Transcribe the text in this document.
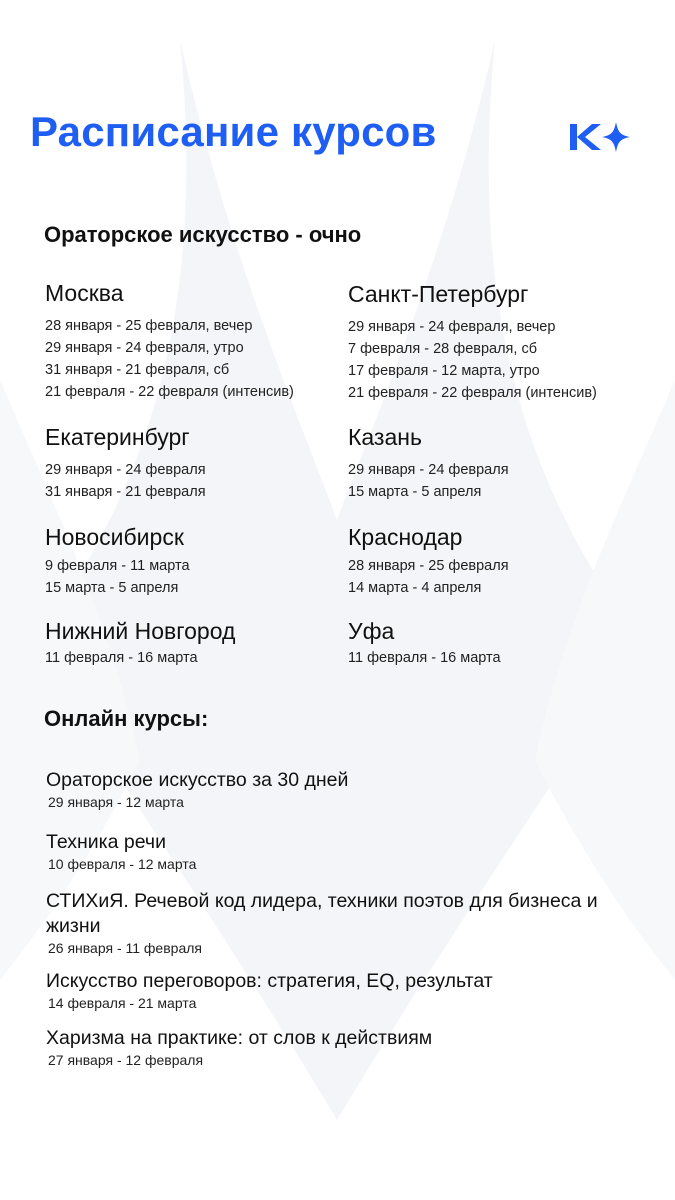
Расписание курсов
Ораторское искусство - очно
Москва
28 января - 25 февраля, вечер
29 января - 24 февраля, утро
31 января - 21 февраля, сб
21 февраля - 22 февраля (интенсив)
Санкт-Петербург
29 января - 24 февраля, вечер
7 февраля - 28 февраля, сб
17 февраля - 12 марта, утро
21 февраля - 22 февраля (интенсив)
Екатеринбург
29 января - 24 февраля
31 января - 21 февраля
Казань
29 января - 24 февраля
15 марта - 5 апреля
Новосибирск
9 февраля - 11 марта
15 марта - 5 апреля
Краснодар
28 января - 25 февраля
14 марта - 4 апреля
Нижний Новгород
11 февраля - 16 марта
Уфа
11 февраля - 16 марта
Онлайн курсы:

Ораторское искусство за 30 дней

29 января - 12 марта

Техника речи

10 февраля - 12 марта

СТИХиЯ. Речевой код лидера, техники поэтов для бизнеса и жизни

26 января - 11 февраля

Искусство переговоров: стратегия, EQ, результат

14 февраля - 21 марта

Харизма на практике: от слов к действиям

27 января - 12 февраля
